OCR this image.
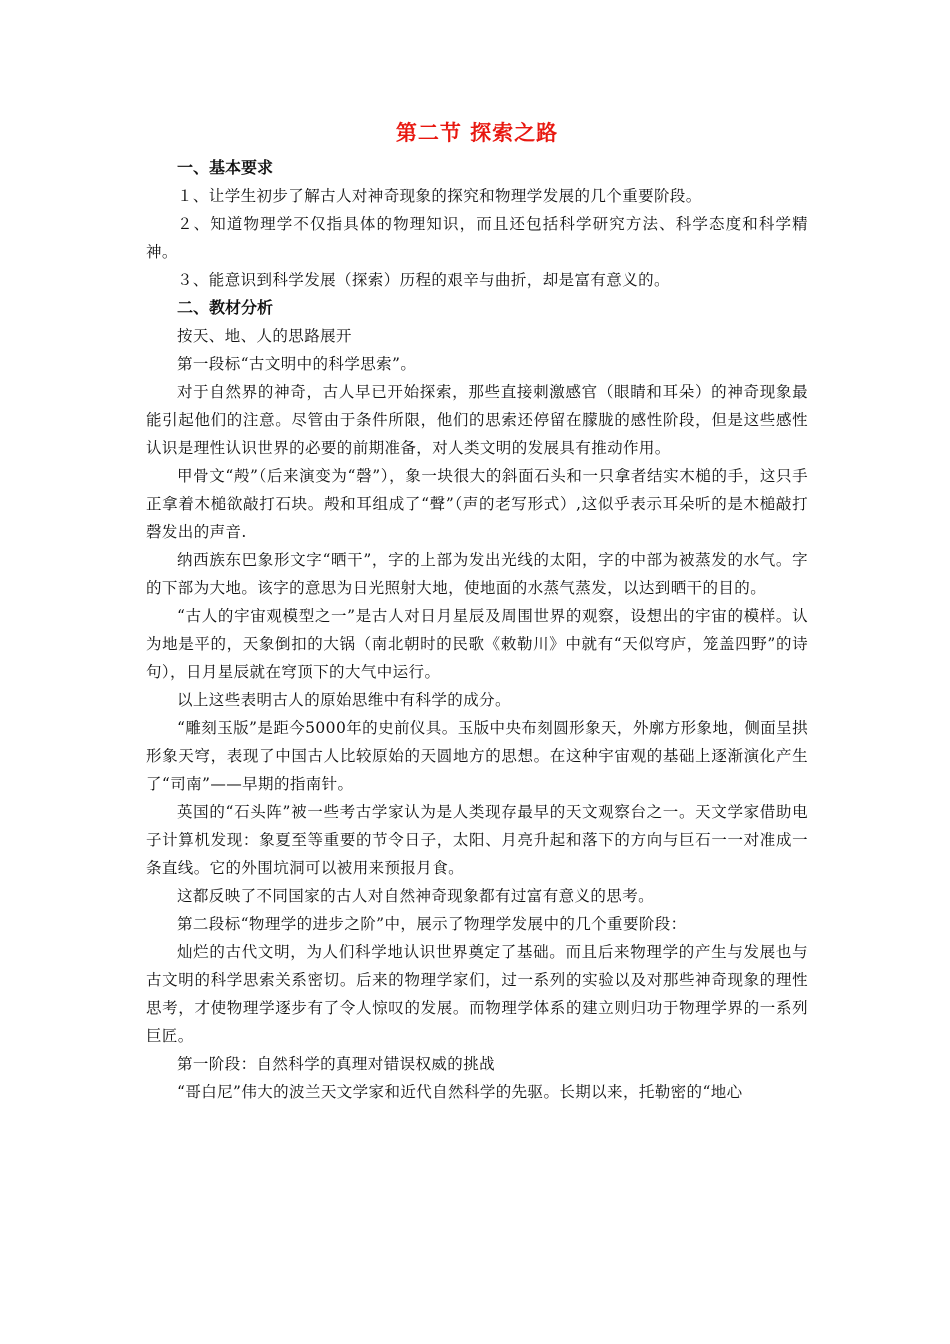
第二节 探索之路
一、基本要求

１、让学生初步了解古人对神奇现象的探究和物理学发展的几个重要阶段。

２、知道物理学不仅指具体的物理知识，而且还包括科学研究方法、科学态度和科学精神。

３、能意识到科学发展（探索）历程的艰辛与曲折，却是富有意义的。

二、教材分析

按天、地、人的思路展开

第一段标“古文明中的科学思索”。

对于自然界的神奇，古人早已开始探索，那些直接刺激感官（眼睛和耳朵）的神奇现象最能引起他们的注意。尽管由于条件所限，他们的思索还停留在朦胧的感性阶段，但是这些感性认识是理性认识世界的必要的前期准备，对人类文明的发展具有推动作用。

甲骨文“殸”（后来演变为“磬”），象一块很大的斜面石头和一只拿者结实木槌的手，这只手正拿着木槌欲敲打石块。殸和耳组成了“聲”（声的老写形式）,这似乎表示耳朵听的是木槌敲打磬发出的声音.

纳西族东巴象形文字“晒干”，字的上部为发出光线的太阳，字的中部为被蒸发的水气。字的下部为大地。该字的意思为日光照射大地，使地面的水蒸气蒸发，以达到晒干的目的。

“古人的宇宙观模型之一”是古人对日月星辰及周围世界的观察，设想出的宇宙的模样。认为地是平的，天象倒扣的大锅（南北朝时的民歌《敕勒川》中就有“天似穹庐，笼盖四野”的诗句），日月星辰就在穹顶下的大气中运行。

以上这些表明古人的原始思维中有科学的成分。

“雕刻玉版”是距今5000年的史前仪具。玉版中央布刻圆形象天，外廓方形象地，侧面呈拱形象天穹，表现了中国古人比较原始的天圆地方的思想。在这种宇宙观的基础上逐渐演化产生了“司南”——早期的指南针。

英国的“石头阵”被一些考古学家认为是人类现存最早的天文观察台之一。天文学家借助电子计算机发现：象夏至等重要的节令日子，太阳、月亮升起和落下的方向与巨石一一对准成一条直线。它的外围坑洞可以被用来预报月食。

这都反映了不同国家的古人对自然神奇现象都有过富有意义的思考。

第二段标“物理学的进步之阶”中，展示了物理学发展中的几个重要阶段：

灿烂的古代文明，为人们科学地认识世界奠定了基础。而且后来物理学的产生与发展也与古文明的科学思索关系密切。后来的物理学家们，过一系列的实验以及对那些神奇现象的理性思考，才使物理学逐步有了令人惊叹的发展。而物理学体系的建立则归功于物理学界的一系列巨匠。

第一阶段：自然科学的真理对错误权威的挑战

“哥白尼”伟大的波兰天文学家和近代自然科学的先驱。长期以来，托勒密的“地心
